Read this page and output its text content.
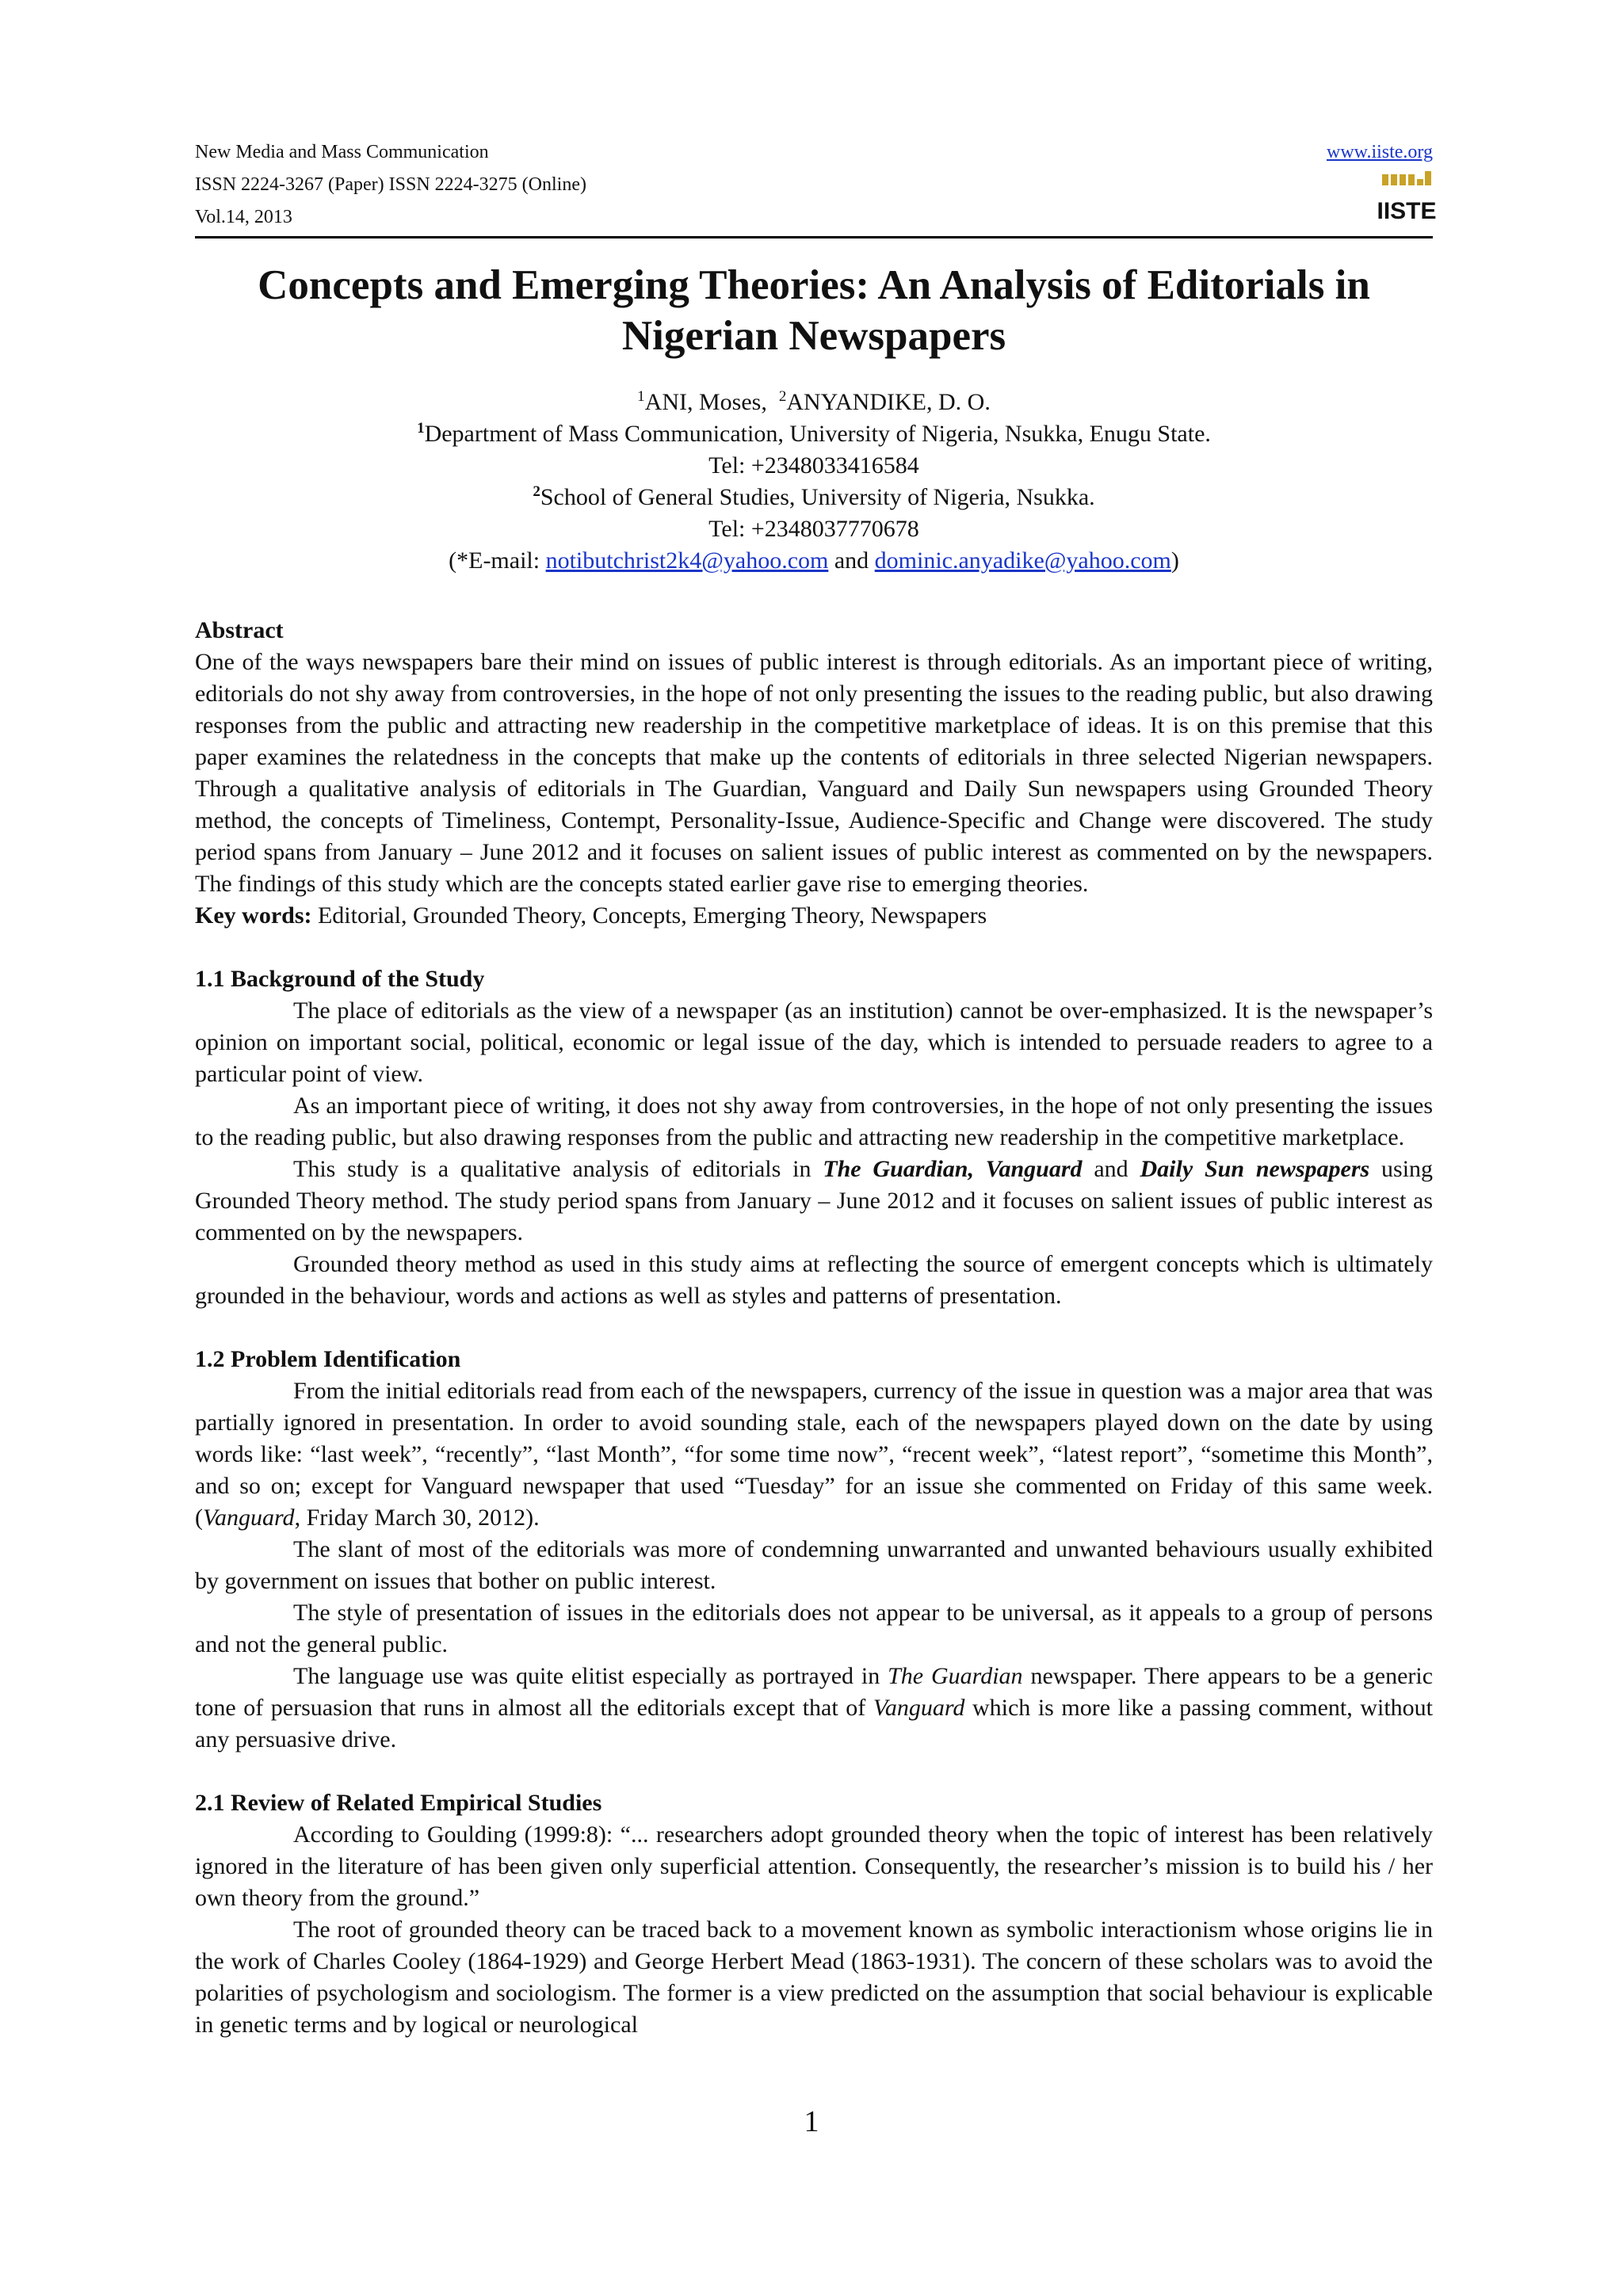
New Media and Mass Communication
ISSN 2224-3267 (Paper) ISSN 2224-3275 (Online)
Vol.14, 2013
www.iiste.org
IISTE
Concepts and Emerging Theories: An Analysis of Editorials in
Nigerian Newspapers
$^1$ANI, Moses, $^2$ANYANDIKE, D. O.
$^1$Department of Mass Communication, University of Nigeria, Nsukka, Enugu State.
Tel: +2348033416584
$^2$School of General Studies, University of Nigeria, Nsukka.
Tel: +2348037770678
(*E-mail: notibutchrist2k4@yahoo.com and dominic.anyadike@yahoo.com)
Abstract

One of the ways newspapers bare their mind on issues of public interest is through editorials. As an important piece of writing, editorials do not shy away from controversies, in the hope of not only presenting the issues to the reading public, but also drawing responses from the public and attracting new readership in the competitive marketplace of ideas. It is on this premise that this paper examines the relatedness in the concepts that make up the contents of editorials in three selected Nigerian newspapers. Through a qualitative analysis of editorials in The Guardian, Vanguard and Daily Sun newspapers using Grounded Theory method, the concepts of Timeliness, Contempt, Personality-Issue, Audience-Specific and Change were discovered. The study period spans from January – June 2012 and it focuses on salient issues of public interest as commented on by the newspapers. The findings of this study which are the concepts stated earlier gave rise to emerging theories.

Key words: Editorial, Grounded Theory, Concepts, Emerging Theory, Newspapers

1.1 Background of the Study

The place of editorials as the view of a newspaper (as an institution) cannot be over-emphasized. It is the newspaper’s opinion on important social, political, economic or legal issue of the day, which is intended to persuade readers to agree to a particular point of view.

As an important piece of writing, it does not shy away from controversies, in the hope of not only presenting the issues to the reading public, but also drawing responses from the public and attracting new readership in the competitive marketplace.

This study is a qualitative analysis of editorials in The Guardian, Vanguard and Daily Sun newspapers using Grounded Theory method. The study period spans from January – June 2012 and it focuses on salient issues of public interest as commented on by the newspapers.

Grounded theory method as used in this study aims at reflecting the source of emergent concepts which is ultimately grounded in the behaviour, words and actions as well as styles and patterns of presentation.

1.2 Problem Identification

From the initial editorials read from each of the newspapers, currency of the issue in question was a major area that was partially ignored in presentation. In order to avoid sounding stale, each of the newspapers played down on the date by using words like: “last week”, “recently”, “last Month”, “for some time now”, “recent week”, “latest report”, “sometime this Month”, and so on; except for Vanguard newspaper that used “Tuesday” for an issue she commented on Friday of this same week. (Vanguard, Friday March 30, 2012).

The slant of most of the editorials was more of condemning unwarranted and unwanted behaviours usually exhibited by government on issues that bother on public interest.

The style of presentation of issues in the editorials does not appear to be universal, as it appeals to a group of persons and not the general public.

The language use was quite elitist especially as portrayed in The Guardian newspaper. There appears to be a generic tone of persuasion that runs in almost all the editorials except that of Vanguard which is more like a passing comment, without any persuasive drive.

2.1 Review of Related Empirical Studies

According to Goulding (1999:8): “... researchers adopt grounded theory when the topic of interest has been relatively ignored in the literature of has been given only superficial attention. Consequently, the researcher’s mission is to build his / her own theory from the ground.”

The root of grounded theory can be traced back to a movement known as symbolic interactionism whose origins lie in the work of Charles Cooley (1864-1929) and George Herbert Mead (1863-1931). The concern of these scholars was to avoid the polarities of psychologism and sociologism. The former is a view predicted on the assumption that social behaviour is explicable in genetic terms and by logical or neurological

1
